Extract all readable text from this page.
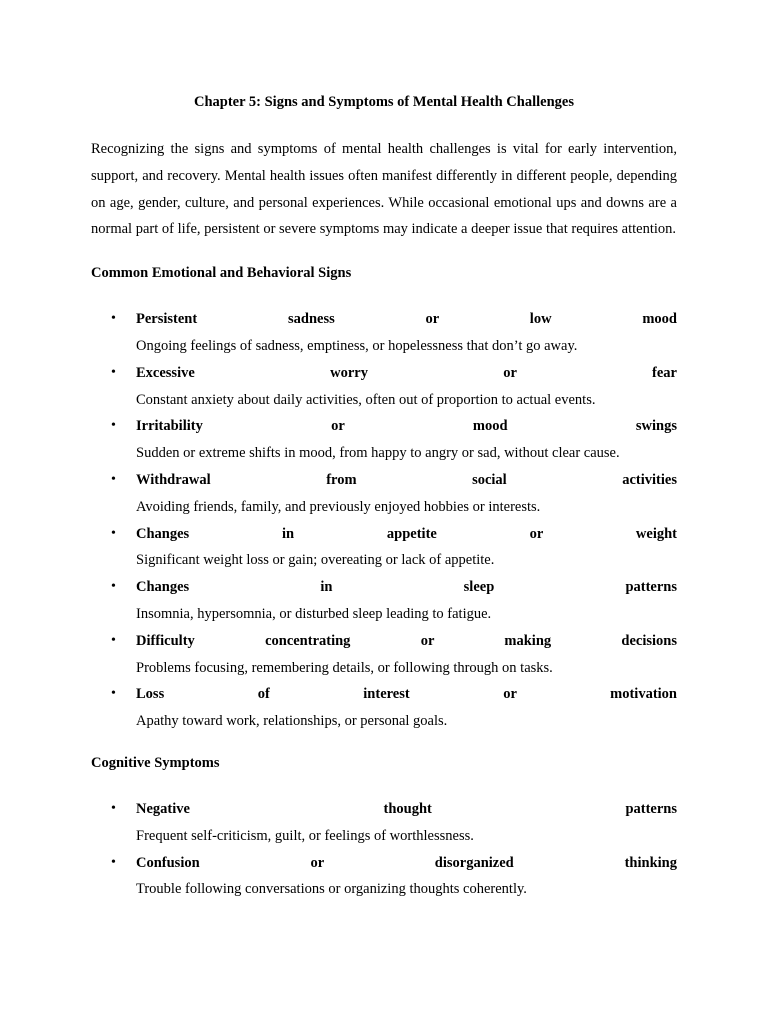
Chapter 5: Signs and Symptoms of Mental Health Challenges
Recognizing the signs and symptoms of mental health challenges is vital for early intervention, support, and recovery. Mental health issues often manifest differently in different people, depending on age, gender, culture, and personal experiences. While occasional emotional ups and downs are a normal part of life, persistent or severe symptoms may indicate a deeper issue that requires attention.
Common Emotional and Behavioral Signs
• Persistent sadness or low mood
Ongoing feelings of sadness, emptiness, or hopelessness that don’t go away.
• Excessive worry or fear
Constant anxiety about daily activities, often out of proportion to actual events.
• Irritability or mood swings
Sudden or extreme shifts in mood, from happy to angry or sad, without clear cause.
• Withdrawal from social activities
Avoiding friends, family, and previously enjoyed hobbies or interests.
• Changes in appetite or weight
Significant weight loss or gain; overeating or lack of appetite.
• Changes in sleep patterns
Insomnia, hypersomnia, or disturbed sleep leading to fatigue.
• Difficulty concentrating or making decisions
Problems focusing, remembering details, or following through on tasks.
• Loss of interest or motivation
Apathy toward work, relationships, or personal goals.
Cognitive Symptoms
• Negative thought patterns
Frequent self-criticism, guilt, or feelings of worthlessness.
• Confusion or disorganized thinking
Trouble following conversations or organizing thoughts coherently.
